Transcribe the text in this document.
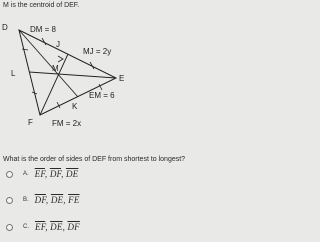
M is the centroid of DEF.
D
E
F
J
K
L
M
DM = 8
MJ = 2y
EM = 6
FM = 2x
What is the order of sides of DEF from shortest to longest?
A. $\overline{EF}$, $\overline{DF}$, $\overline{DE}$
B. $\overline{DF}$, $\overline{DE}$, $\overline{FE}$
C. $\overline{EF}$, $\overline{DE}$, $\overline{DF}$
